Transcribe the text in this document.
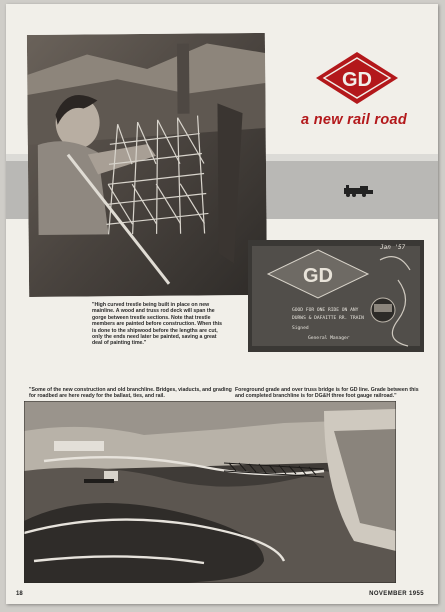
GD
a new rail road
GD
Jan '57
GOOD FOR ONE RIDE ON ANY
DURWS & DAFAITTE RR. TRAIN
Signed
General Manager
"High curved trestle being built in place on new mainline. A wood and truss rod deck will span the gorge between trestle sections. Note that trestle members are painted before construction. When this is done to the shipwood before the lengths are cut, only the ends need later be painted, saving a great deal of painting time."
"Some of the new construction and old branchline. Bridges, viaducts, and grading for roadbed are here ready for the ballast, ties, and rail.
Foreground grade and over truss bridge is for GD line. Grade between this and completed branchline is for DG&H three foot gauge railroad."
18	NOVEMBER 1955
